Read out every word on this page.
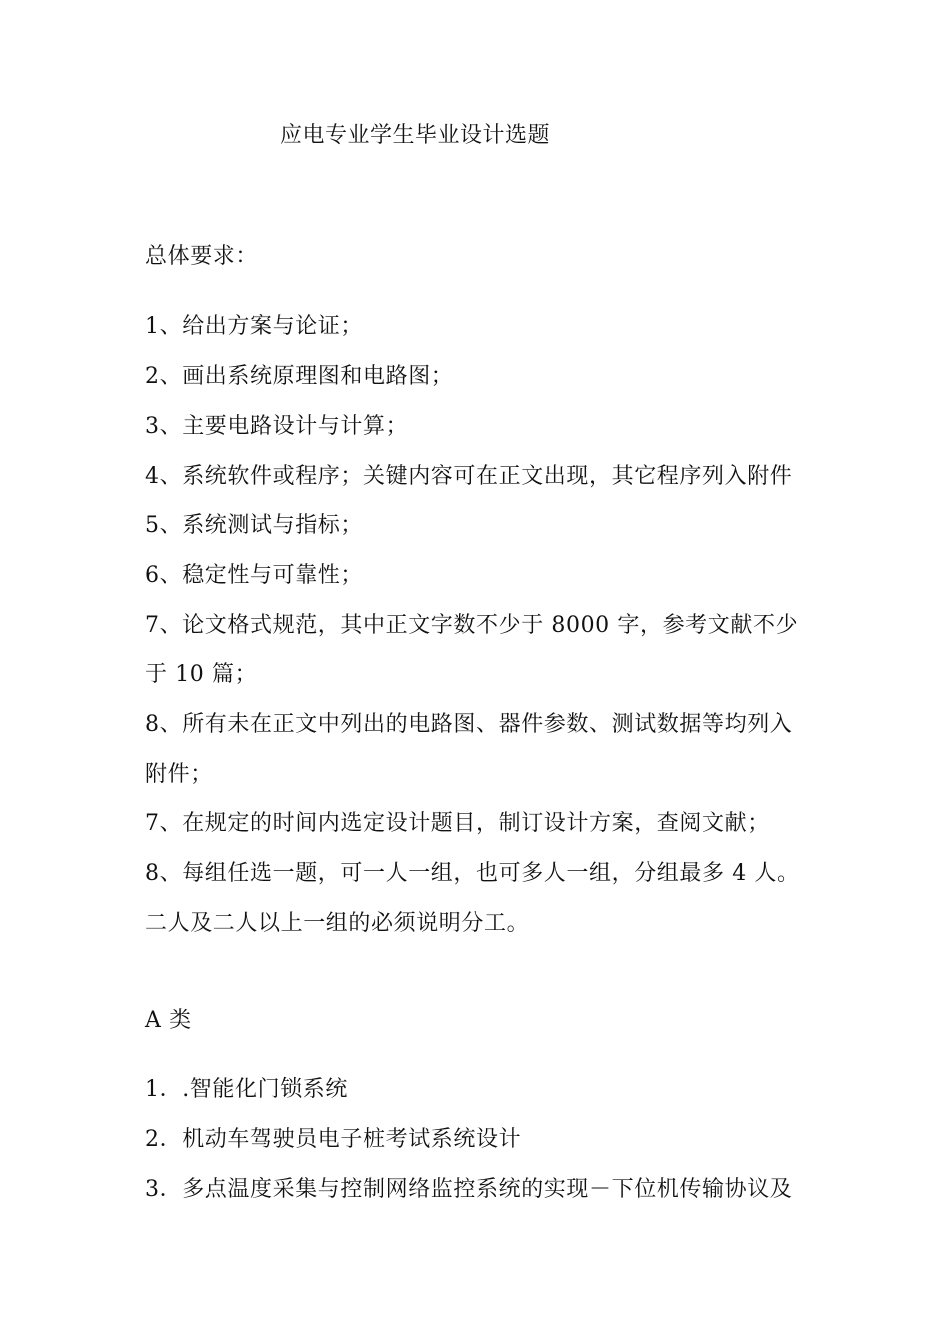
应电专业学生毕业设计选题
总体要求：
1、给出方案与论证；
2、画出系统原理图和电路图；
3、主要电路设计与计算；
4、系统软件或程序；关键内容可在正文出现，其它程序列入附件
5、系统测试与指标；
6、稳定性与可靠性；
7、论文格式规范，其中正文字数不少于 8000 字，参考文献不少
于 10 篇；
8、所有未在正文中列出的电路图、器件参数、测试数据等均列入
附件；
7、在规定的时间内选定设计题目，制订设计方案，查阅文献；
8、每组任选一题，可一人一组，也可多人一组，分组最多 4 人。
二人及二人以上一组的必须说明分工。
A 类
1．.智能化门锁系统
2．机动车驾驶员电子桩考试系统设计
3．多点温度采集与控制网络监控系统的实现－下位机传输协议及
